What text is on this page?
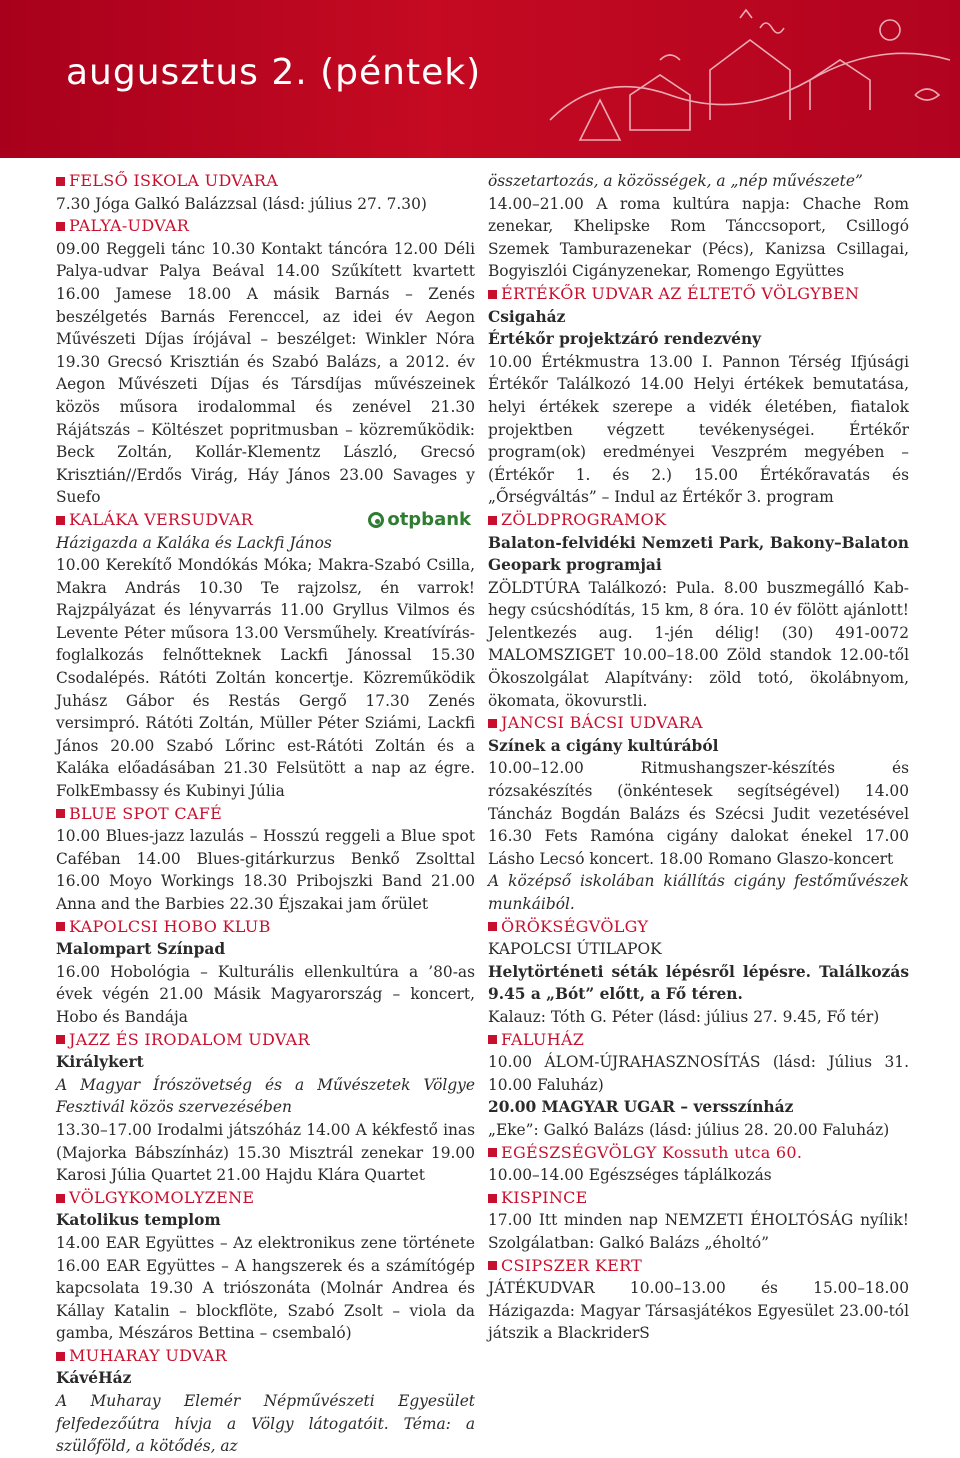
augusztus 2. (péntek)
FELSŐ ISKOLA UDVARA

7.30 Jóga Galkó Balázzsal (lásd: július 27. 7.30)

PALYA-UDVAR

09.00 Reggeli tánc 10.30 Kontakt táncóra 12.00 Déli Palya-udvar Palya Beával 14.00 Szűkített kvartett 16.00 Jamese 18.00 A másik Barnás – Zenés beszélgetés Barnás Ferenccel, az idei év Aegon Művészeti Díjas írójával – beszélget: Winkler Nóra 19.30 Grecsó Krisztián és Szabó Balázs, a 2012. év Aegon Művészeti Díjas és Társdíjas művészeinek közös műsora irodalommal és zenével 21.30 Rájátszás – Költészet popritmusban – közreműködik: Beck Zoltán, Kollár-Klementz László, Grecsó Krisztián//Erdős Virág, Háy János 23.00 Savages y Suefo

KALÁKA VERSUDVAR	otpbank

Házigazda a Kaláka és Lackfi János

10.00 Kerekítő Mondókás Móka; Makra-Szabó Csilla, Makra András 10.30 Te rajzolsz, én varrok! Rajzpályázat és lényvarrás 11.00 Gryllus Vilmos és Levente Péter műsora 13.00 Versműhely. Kreatívírás-foglalkozás felnőtteknek Lackfi Jánossal 15.30 Csodalépés. Rátóti Zoltán koncertje. Közreműködik Juhász Gábor és Restás Gergő 17.30 Zenés versimpró. Rátóti Zoltán, Müller Péter Sziámi, Lackfi János 20.00 Szabó Lőrinc est-Rátóti Zoltán és a Kaláka előadásában 21.30 Felsütött a nap az égre. FolkEmbassy és Kubinyi Júlia

BLUE SPOT CAFÉ

10.00 Blues-jazz lazulás – Hosszú reggeli a Blue spot Caféban 14.00 Blues-gitárkurzus Benkő Zsolttal 16.00 Moyo Workings 18.30 Pribojszki Band 21.00 Anna and the Barbies 22.30 Éjszakai jam őrület

KAPOLCSI HOBO KLUB

Malompart Színpad

16.00 Hobológia – Kulturális ellenkultúra a ’80-as évek végén 21.00 Másik Magyarország – koncert, Hobo és Bandája

JAZZ ÉS IRODALOM UDVAR

Királykert

A Magyar Írószövetség és a Művészetek Völgye Fesztivál közös szervezésében

13.30–17.00 Irodalmi játszóház 14.00 A kékfestő inas (Majorka Bábszínház) 15.30 Misztrál zenekar 19.00 Karosi Júlia Quartet 21.00 Hajdu Klára Quartet

VÖLGYKOMOLYZENE

Katolikus templom

14.00 EAR Együttes – Az elektronikus zene története 16.00 EAR Együttes – A hangszerek és a számítógép kapcsolata 19.30 A triószonáta (Molnár Andrea és Kállay Katalin – blockflöte, Szabó Zsolt – viola da gamba, Mészáros Bettina – csembaló)

MUHARAY UDVAR

KávéHáz

A Muharay Elemér Népművészeti Egyesület felfedezőútra hívja a Völgy látogatóit. Téma: a szülőföld, a kötődés, az

összetartozás, a közösségek, a „nép művészete”

14.00–21.00 A roma kultúra napja: Chache Rom zenekar, Khelipske Rom Tánccsoport, Csillogó Szemek Tamburazenekar (Pécs), Kanizsa Csillagai, Bogyiszlói Cigányzenekar, Romengo Együttes

ÉRTÉKŐR UDVAR AZ ÉLTETŐ VÖLGYBEN

Csigaház

Értékőr projektzáró rendezvény

10.00 Értékmustra 13.00 I. Pannon Térség Ifjúsági Értékőr Találkozó 14.00 Helyi értékek bemutatása, helyi értékek szerepe a vidék életében, fiatalok projektben végzett tevékenységei. Értékőr program(ok) eredményei Veszprém megyében – (Értékőr 1. és 2.) 15.00 Értékőravatás és „Őrségváltás” – Indul az Értékőr 3. program

ZÖLDPROGRAMOK

Balaton-felvidéki Nemzeti Park, Bakony–Balaton Geopark programjai

ZÖLDTÚRA Találkozó: Pula. 8.00 buszmegálló Kab-hegy csúcshódítás, 15 km, 8 óra. 10 év fölött ajánlott! Jelentkezés aug. 1-jén délig! (30) 491-0072 MALOMSZIGET 10.00–18.00 Zöld standok 12.00-től Ökoszolgálat Alapítvány: zöld totó, ökolábnyom, ökomata, ökovurstli.

JANCSI BÁCSI UDVARA

Színek a cigány kultúrából

10.00–12.00 Ritmushangszer-készítés és rózsakészítés (önkéntesek segítségével) 14.00 Táncház Bogdán Balázs és Szécsi Judit vezetésével 16.30 Fets Ramóna cigány dalokat énekel 17.00 Lásho Lecsó koncert. 18.00 Romano Glaszo-koncert

A középső iskolában kiállítás cigány festőművészek munkáiból.

ÖRÖKSÉGVÖLGY

KAPOLCSI ÚTILAPOK

Helytörténeti séták lépésről lépésre. Találkozás 9.45 a „Bót” előtt, a Fő téren.

Kalauz: Tóth G. Péter (lásd: július 27. 9.45, Fő tér)

FALUHÁZ

10.00 ÁLOM-ÚJRAHASZNOSÍTÁS (lásd: Július 31. 10.00 Faluház)

20.00 MAGYAR UGAR – versszínház

„Eke”: Galkó Balázs (lásd: július 28. 20.00 Faluház)

EGÉSZSÉGVÖLGY Kossuth utca 60.

10.00–14.00 Egészséges táplálkozás

KISPINCE

17.00 Itt minden nap NEMZETI ÉHOLTÓSÁG nyílik! Szolgálatban: Galkó Balázs „éholtó”

CSIPSZER KERT

JÁTÉKUDVAR 10.00–13.00 és 15.00–18.00 Házigazda: Magyar Társasjátékos Egyesület 23.00-tól játszik a BlackriderS
